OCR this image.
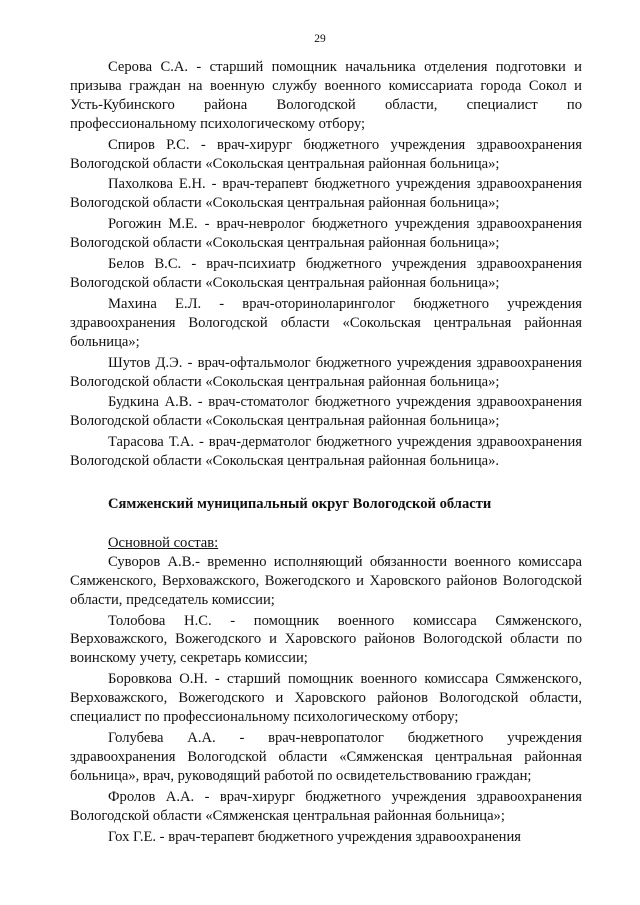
29

Серова С.А. - старший помощник начальника отделения подготовки и призыва граждан на военную службу военного комиссариата города Сокол и Усть-Кубинского района Вологодской области, специалист по профессиональному психологическому отбору;

Спиров Р.С. - врач-хирург бюджетного учреждения здравоохранения Вологодской области «Сокольская центральная районная больница»;

Пахолкова Е.Н. - врач-терапевт бюджетного учреждения здравоохранения Вологодской области «Сокольская центральная районная больница»;

Рогожин М.Е. - врач-невролог бюджетного учреждения здравоохранения Вологодской области «Сокольская центральная районная больница»;

Белов В.С. - врач-психиатр бюджетного учреждения здравоохранения Вологодской области «Сокольская центральная районная больница»;

Махина Е.Л. - врач-оториноларинголог бюджетного учреждения здравоохранения Вологодской области «Сокольская центральная районная больница»;

Шутов Д.Э. - врач-офтальмолог бюджетного учреждения здравоохранения Вологодской области «Сокольская центральная районная больница»;

Будкина А.В. - врач-стоматолог бюджетного учреждения здравоохранения Вологодской области «Сокольская центральная районная больница»;

Тарасова Т.А. - врач-дерматолог бюджетного учреждения здравоохранения Вологодской области «Сокольская центральная районная больница».

Сямженский муниципальный округ Вологодской области

Основной состав:

Суворов А.В.- временно исполняющий обязанности военного комиссара Сямженского, Верховажского, Вожегодского и Харовского районов Вологодской области, председатель комиссии;

Толобова Н.С. - помощник военного комиссара Сямженского, Верховажского, Вожегодского и Харовского районов Вологодской области по воинскому учету, секретарь комиссии;

Боровкова О.Н. - старший помощник военного комиссара Сямженского, Верховажского, Вожегодского и Харовского районов Вологодской области, специалист по профессиональному психологическому отбору;

Голубева А.А. - врач-невропатолог бюджетного учреждения здравоохранения Вологодской области «Сямженская центральная районная больница», врач, руководящий работой по освидетельствованию граждан;

Фролов А.А. - врач-хирург бюджетного учреждения здравоохранения Вологодской области «Сямженская центральная районная больница»;

Гох Г.Е. - врач-терапевт бюджетного учреждения здравоохранения
